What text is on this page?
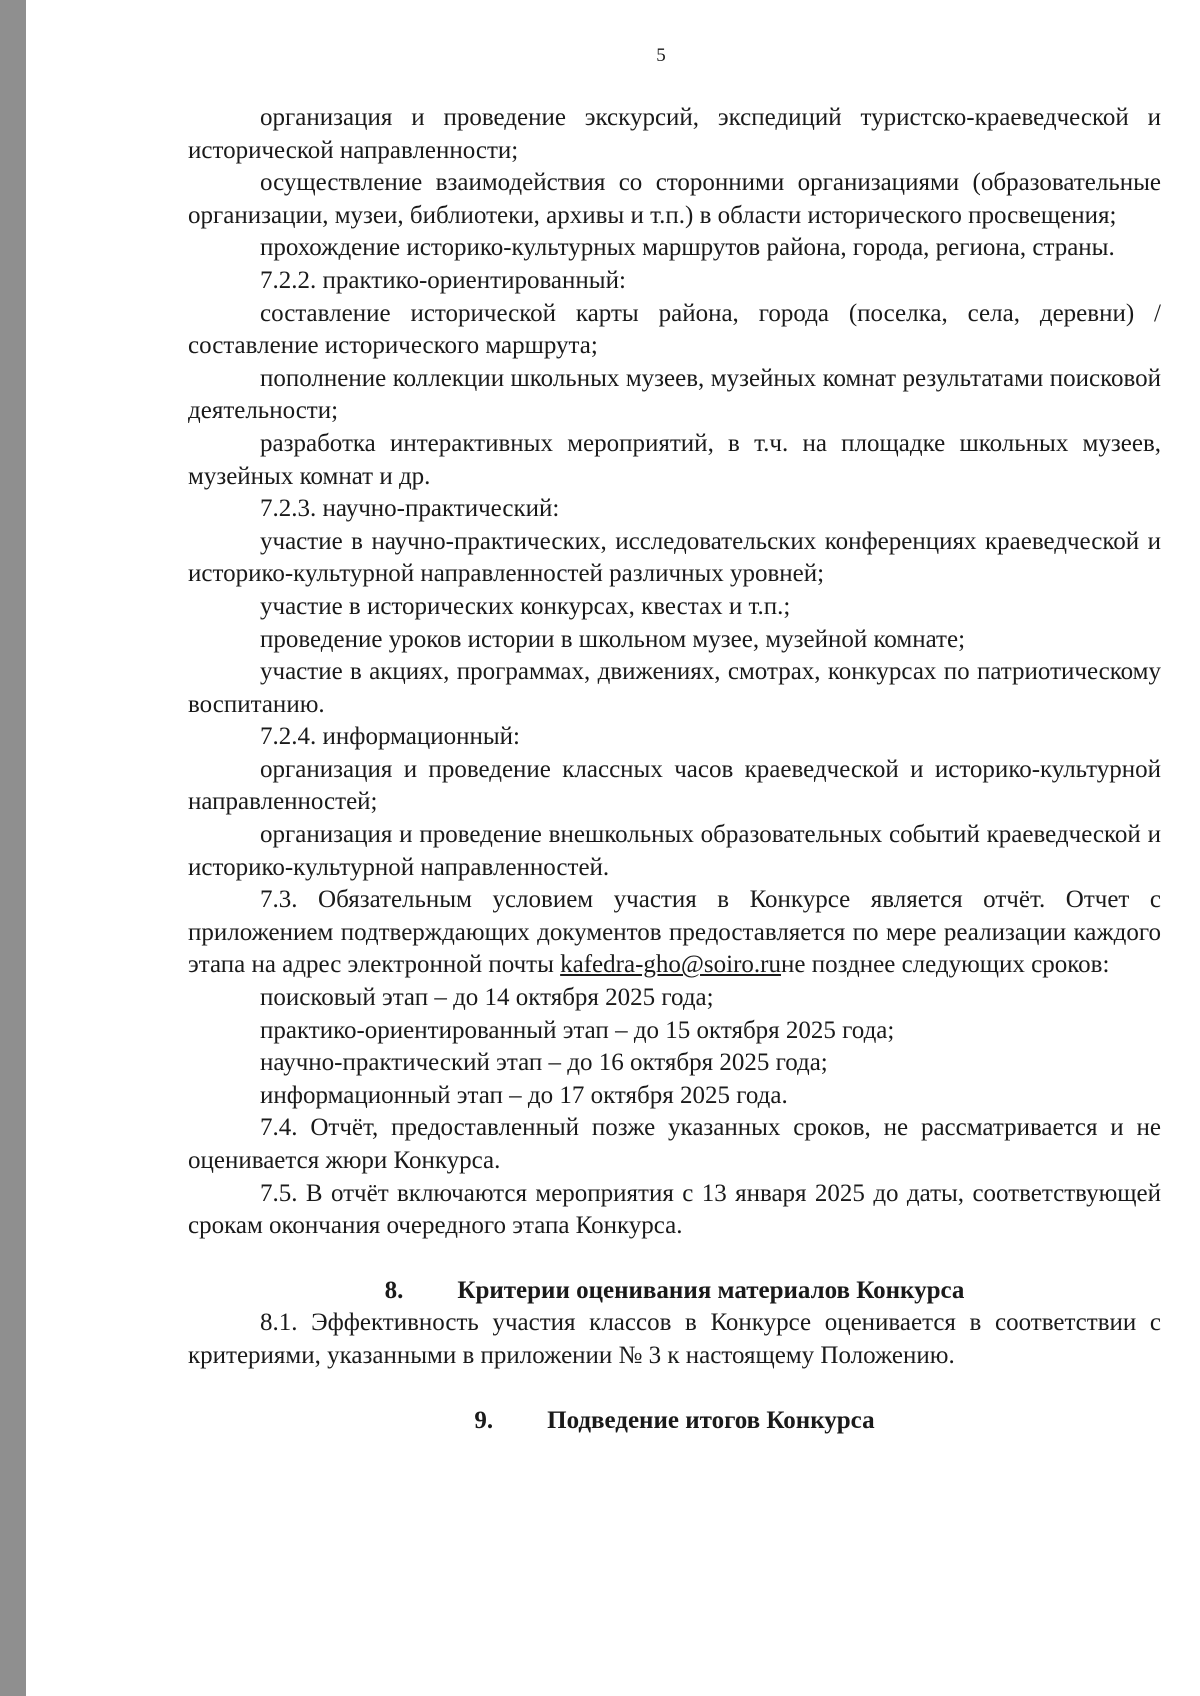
5

организация и проведение экскурсий, экспедиций туристско-краеведческой и исторической направленности;

осуществление взаимодействия со сторонними организациями (образовательные организации, музеи, библиотеки, архивы и т.п.) в области исторического просвещения;

прохождение историко-культурных маршрутов района, города, региона, страны.

7.2.2. практико-ориентированный:

составление исторической карты района, города (поселка, села, деревни) / составление исторического маршрута;

пополнение коллекции школьных музеев, музейных комнат результатами поисковой деятельности;

разработка интерактивных мероприятий, в т.ч. на площадке школьных музеев, музейных комнат и др.

7.2.3. научно-практический:

участие в научно-практических, исследовательских конференциях краеведческой и историко-культурной направленностей различных уровней;

участие в исторических конкурсах, квестах и т.п.;

проведение уроков истории в школьном музее, музейной комнате;

участие в акциях, программах, движениях, смотрах, конкурсах по патриотическому воспитанию.

7.2.4. информационный:

организация и проведение классных часов краеведческой и историко-культурной направленностей;

организация и проведение внешкольных образовательных событий краеведческой и историко-культурной направленностей.

7.3. Обязательным условием участия в Конкурсе является отчёт. Отчет с приложением подтверждающих документов предоставляется по мере реализации каждого этапа на адрес электронной почты kafedra-gho@soiro.ruне позднее следующих сроков:

поисковый этап – до 14 октября 2025 года;

практико-ориентированный этап – до 15 октября 2025 года;

научно-практический этап – до 16 октября 2025 года;

информационный этап – до 17 октября 2025 года.

7.4. Отчёт, предоставленный позже указанных сроков, не рассматривается и не оценивается жюри Конкурса.

7.5. В отчёт включаются мероприятия с 13 января 2025 до даты, соответствующей срокам окончания очередного этапа Конкурса.

8. Критерии оценивания материалов Конкурса

8.1. Эффективность участия классов в Конкурсе оценивается в соответствии с критериями, указанными в приложении № 3 к настоящему Положению.

9. Подведение итогов Конкурса
